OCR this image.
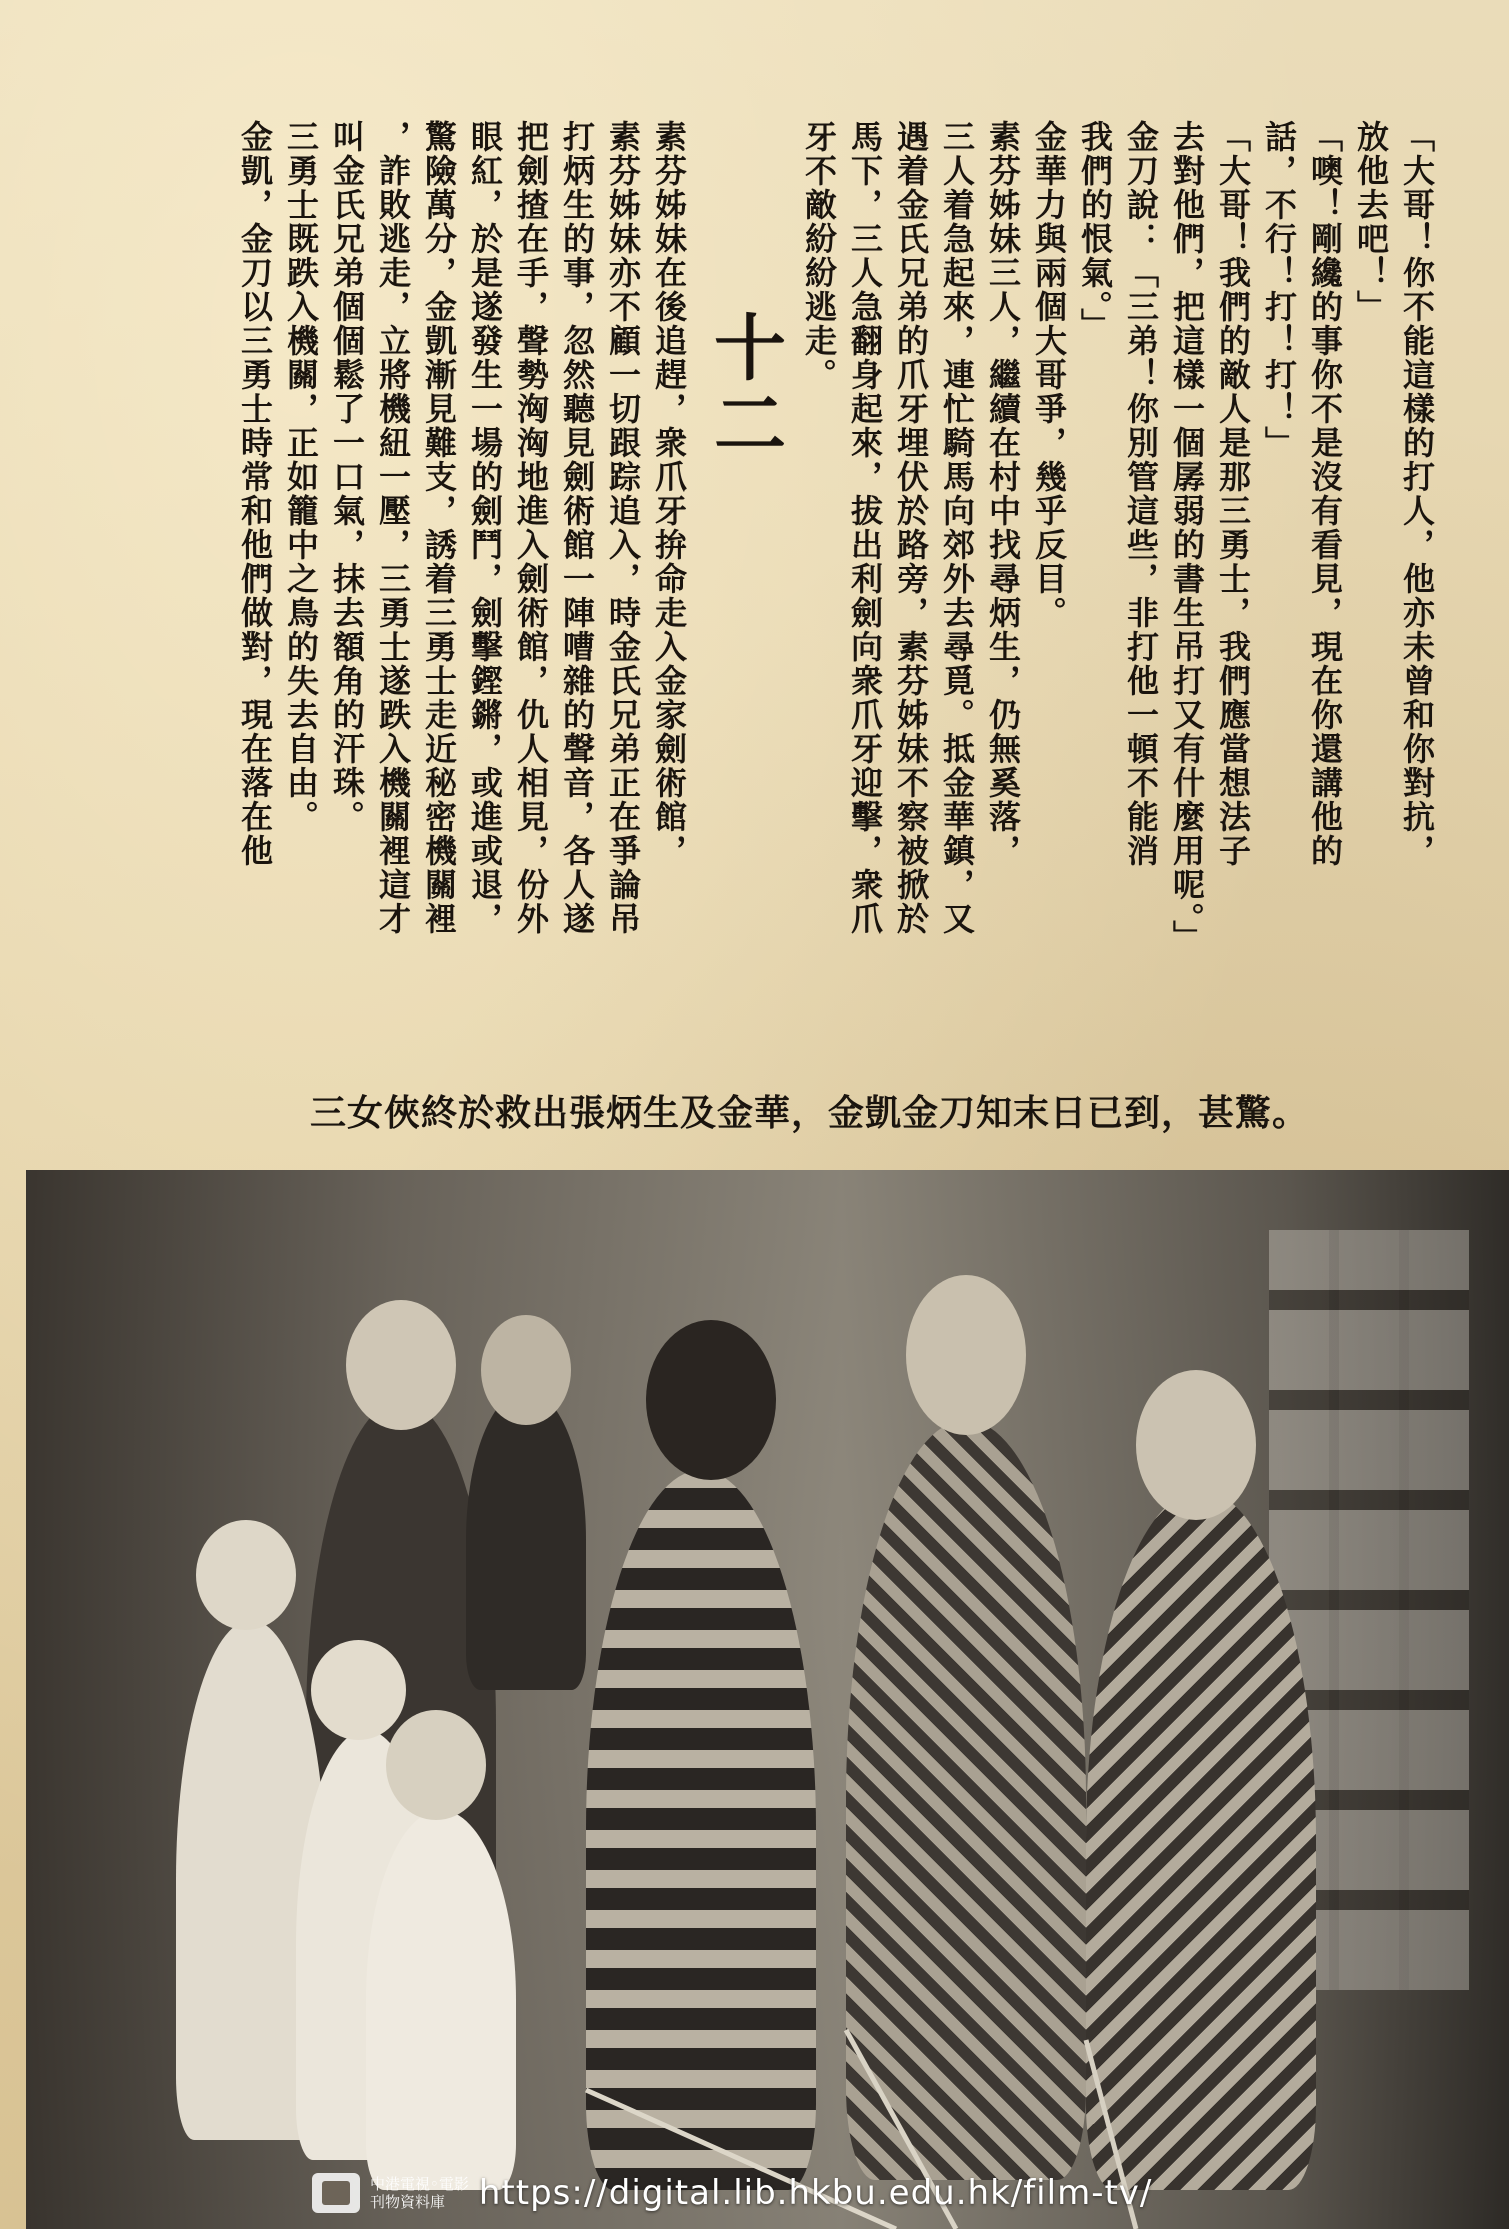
「大哥！你不能這樣的打人，他亦未曾和你對抗，

放他去吧！」

「噢！剛纔的事你不是沒有看見，現在你還講他的

話，不行！打！打！」

「大哥！我們的敵人是那三勇士，我們應當想法子

去對他們，把這樣一個孱弱的書生吊打又有什麼用呢。」

金刀說：「三弟！你別管這些，非打他一頓不能消

我們的恨氣。」

金華力與兩個大哥爭，幾乎反目。

素芬姊妹三人，繼續在村中找尋炳生，仍無奚落，

三人着急起來，連忙騎馬向郊外去尋覓。抵金華鎮，又

遇着金氏兄弟的爪牙埋伏於路旁，素芬姊妹不察被掀於

馬下，三人急翻身起來，拔出利劍向衆爪牙迎擊，衆爪

牙不敵紛紛逃走。

十二

素芬姊妹在後追趕，衆爪牙拚命走入金家劍術館，

素芬姊妹亦不顧一切跟踪追入，時金氏兄弟正在爭論吊

打炳生的事，忽然聽見劍術館一陣嘈雜的聲音，各人遂

把劍揸在手，聲勢洶洶地進入劍術館，仇人相見，份外

眼紅，於是遂發生一場的劍鬥，劍擊鏗鏘，或進或退，

驚險萬分，金凱漸見難支，誘着三勇士走近秘密機關裡

，詐敗逃走，立將機紐一壓，三勇士遂跌入機關裡這才

叫金氏兄弟個個鬆了一口氣，抹去額角的汗珠。

三勇士既跌入機關，正如籠中之鳥的失去自由。

金凱，金刀以三勇士時常和他們做對，現在落在他

三女俠終於救出張炳生及金華，金凱金刀知末日已到，甚驚。
中港電視◦電影
刊物資料庫 https://digital.lib.hkbu.edu.hk/film-tv/
